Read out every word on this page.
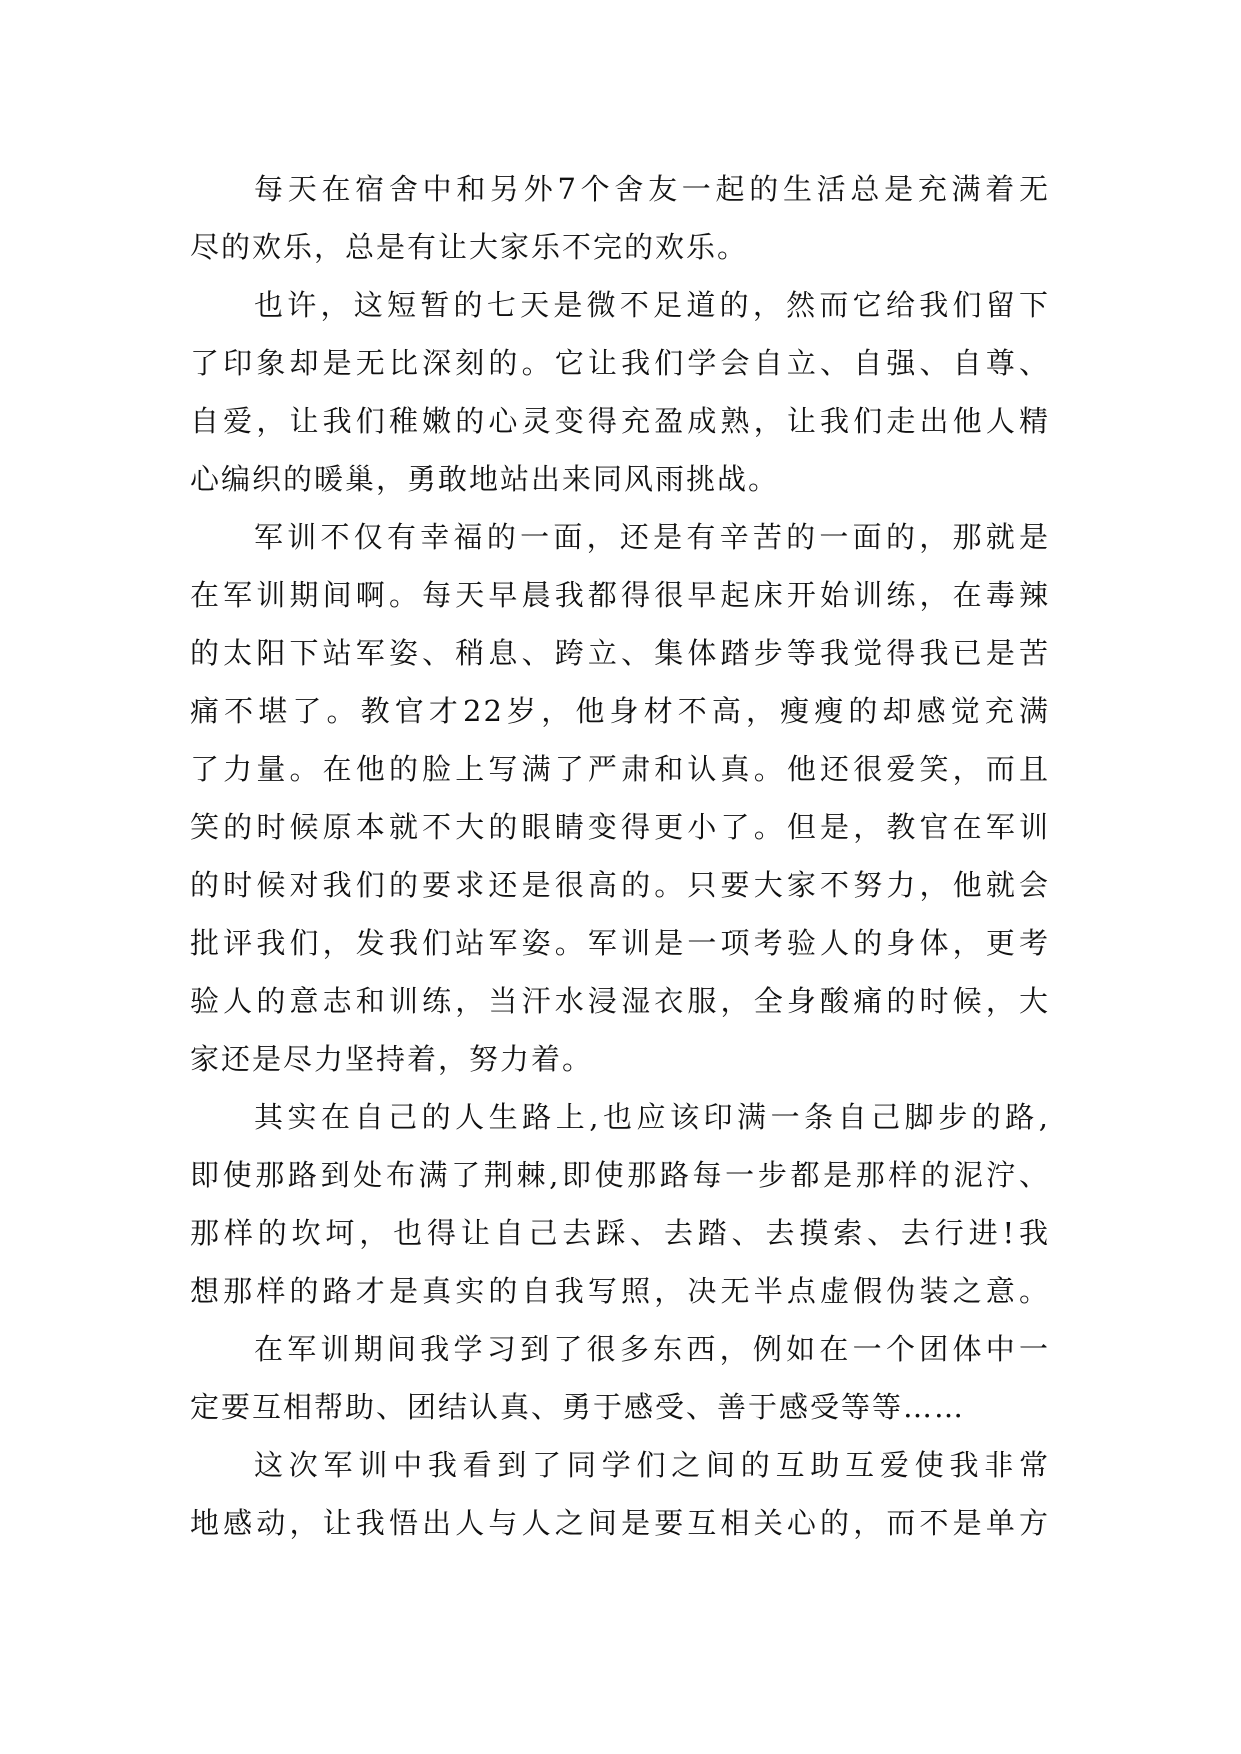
每天在宿舍中和另外7个舍友一起的生活总是充满着无
尽的欢乐，总是有让大家乐不完的欢乐。
也许，这短暂的七天是微不足道的，然而它给我们留下
了印象却是无比深刻的。它让我们学会自立、自强、自尊、
自爱，让我们稚嫩的心灵变得充盈成熟，让我们走出他人精
心编织的暖巢，勇敢地站出来同风雨挑战。
军训不仅有幸福的一面，还是有辛苦的一面的，那就是
在军训期间啊。每天早晨我都得很早起床开始训练，在毒辣
的太阳下站军姿、稍息、跨立、集体踏步等我觉得我已是苦
痛不堪了。教官才22岁，他身材不高，瘦瘦的却感觉充满
了力量。在他的脸上写满了严肃和认真。他还很爱笑，而且
笑的时候原本就不大的眼睛变得更小了。但是，教官在军训
的时候对我们的要求还是很高的。只要大家不努力，他就会
批评我们，发我们站军姿。军训是一项考验人的身体，更考
验人的意志和训练，当汗水浸湿衣服，全身酸痛的时候，大
家还是尽力坚持着，努力着。
其实在自己的人生路上,也应该印满一条自己脚步的路,
即使那路到处布满了荆棘,即使那路每一步都是那样的泥泞、
那样的坎坷，也得让自己去踩、去踏、去摸索、去行进!我
想那样的路才是真实的自我写照，决无半点虚假伪装之意。
在军训期间我学习到了很多东西，例如在一个团体中一
定要互相帮助、团结认真、勇于感受、善于感受等等……
这次军训中我看到了同学们之间的互助互爱使我非常
地感动，让我悟出人与人之间是要互相关心的，而不是单方
